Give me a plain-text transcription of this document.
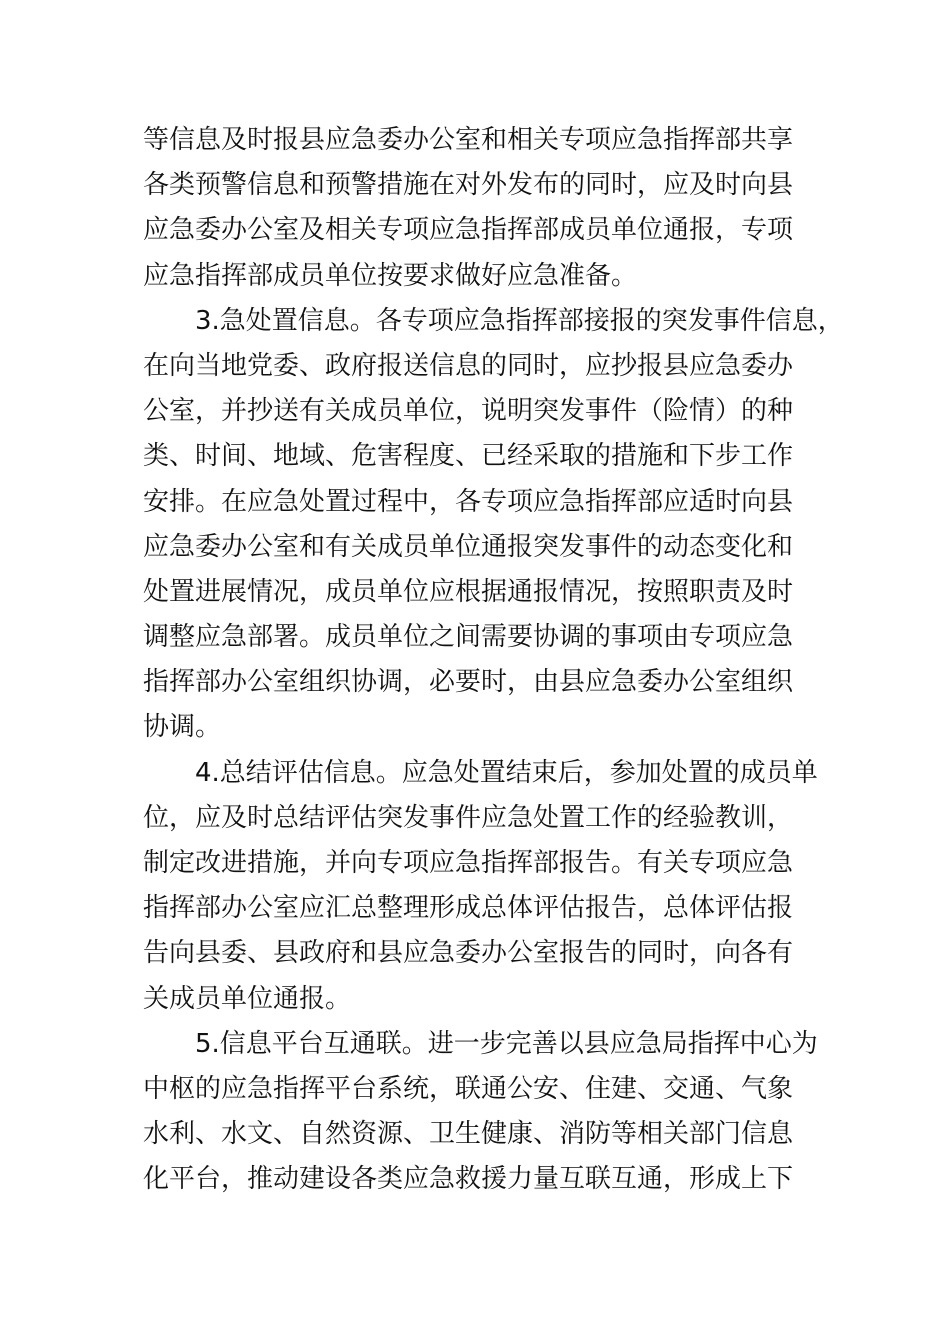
等信息及时报县应急委办公室和相关专项应急指挥部共享
各类预警信息和预警措施在对外发布的同时，应及时向县
应急委办公室及相关专项应急指挥部成员单位通报，专项
应急指挥部成员单位按要求做好应急准备。
3.急处置信息。各专项应急指挥部接报的突发事件信息，
在向当地党委、政府报送信息的同时，应抄报县应急委办
公室，并抄送有关成员单位，说明突发事件（险情）的种
类、时间、地域、危害程度、已经采取的措施和下步工作
安排。在应急处置过程中，各专项应急指挥部应适时向县
应急委办公室和有关成员单位通报突发事件的动态变化和
处置进展情况，成员单位应根据通报情况，按照职责及时
调整应急部署。成员单位之间需要协调的事项由专项应急
指挥部办公室组织协调，必要时，由县应急委办公室组织
协调。
4.总结评估信息。应急处置结束后，参加处置的成员单
位，应及时总结评估突发事件应急处置工作的经验教训，
制定改进措施，并向专项应急指挥部报告。有关专项应急
指挥部办公室应汇总整理形成总体评估报告，总体评估报
告向县委、县政府和县应急委办公室报告的同时，向各有
关成员单位通报。
5.信息平台互通联。进一步完善以县应急局指挥中心为
中枢的应急指挥平台系统，联通公安、住建、交通、气象
水利、水文、自然资源、卫生健康、消防等相关部门信息
化平台，推动建设各类应急救援力量互联互通，形成上下
